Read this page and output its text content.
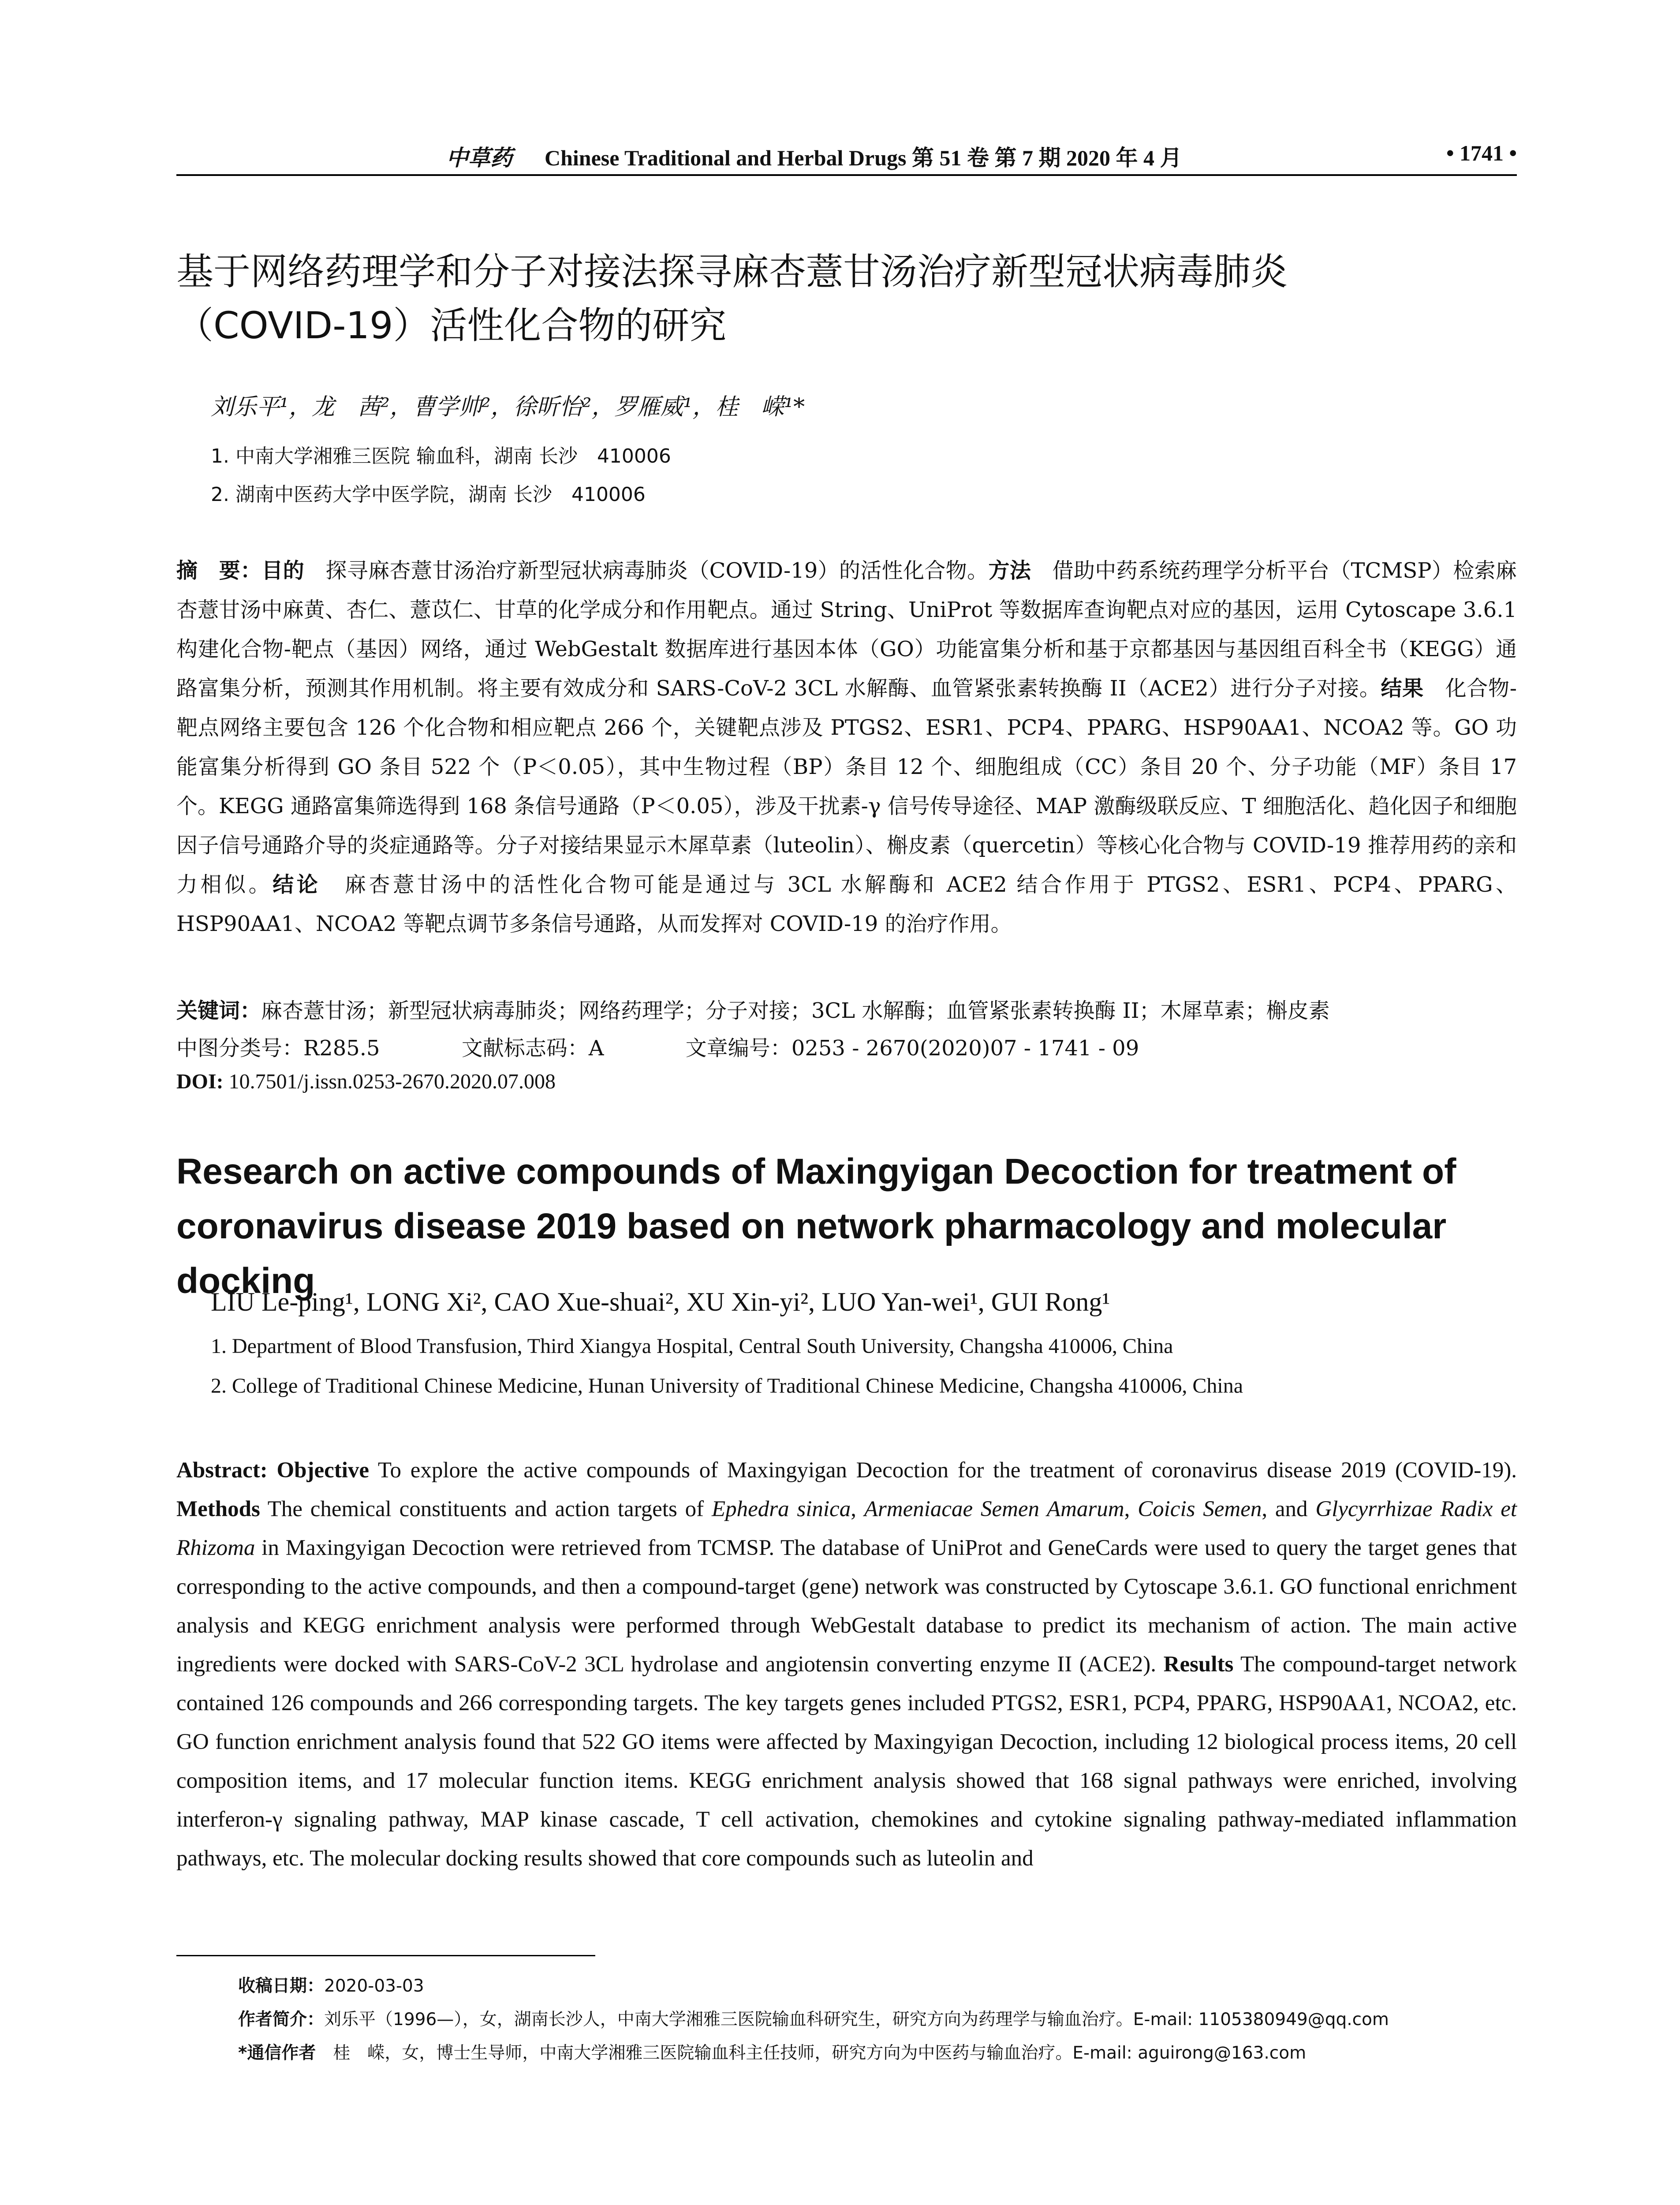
中草药 Chinese Traditional and Herbal Drugs 第 51 卷 第 7 期 2020 年 4 月	• 1741 •
基于网络药理学和分子对接法探寻麻杏薏甘汤治疗新型冠状病毒肺炎
（COVID-19）活性化合物的研究
刘乐平¹，龙　茜²，曹学帅²，徐昕怡²，罗雁威¹，桂　嵘¹*
1. 中南大学湘雅三医院 输血科，湖南 长沙　410006
2. 湖南中医药大学中医学院，湖南 长沙　410006
摘　要：目的　探寻麻杏薏甘汤治疗新型冠状病毒肺炎（COVID-19）的活性化合物。方法　借助中药系统药理学分析平台（TCMSP）检索麻杏薏甘汤中麻黄、杏仁、薏苡仁、甘草的化学成分和作用靶点。通过 String、UniProt 等数据库查询靶点对应的基因，运用 Cytoscape 3.6.1 构建化合物-靶点（基因）网络，通过 WebGestalt 数据库进行基因本体（GO）功能富集分析和基于京都基因与基因组百科全书（KEGG）通路富集分析，预测其作用机制。将主要有效成分和 SARS-CoV-2 3CL 水解酶、血管紧张素转换酶 II（ACE2）进行分子对接。结果　化合物-靶点网络主要包含 126 个化合物和相应靶点 266 个，关键靶点涉及 PTGS2、ESR1、PCP4、PPARG、HSP90AA1、NCOA2 等。GO 功能富集分析得到 GO 条目 522 个（P＜0.05），其中生物过程（BP）条目 12 个、细胞组成（CC）条目 20 个、分子功能（MF）条目 17 个。KEGG 通路富集筛选得到 168 条信号通路（P＜0.05），涉及干扰素-γ 信号传导途径、MAP 激酶级联反应、T 细胞活化、趋化因子和细胞因子信号通路介导的炎症通路等。分子对接结果显示木犀草素（luteolin）、槲皮素（quercetin）等核心化合物与 COVID-19 推荐用药的亲和力相似。结论　麻杏薏甘汤中的活性化合物可能是通过与 3CL 水解酶和 ACE2 结合作用于 PTGS2、ESR1、PCP4、PPARG、HSP90AA1、NCOA2 等靶点调节多条信号通路，从而发挥对 COVID-19 的治疗作用。
关键词：麻杏薏甘汤；新型冠状病毒肺炎；网络药理学；分子对接；3CL 水解酶；血管紧张素转换酶 II；木犀草素；槲皮素
中图分类号：R285.5	文献标志码：A	文章编号：0253 - 2670(2020)07 - 1741 - 09
DOI: 10.7501/j.issn.0253-2670.2020.07.008
Research on active compounds of Maxingyigan Decoction for treatment of
coronavirus disease 2019 based on network pharmacology and molecular docking
LIU Le-ping¹, LONG Xi², CAO Xue-shuai², XU Xin-yi², LUO Yan-wei¹, GUI Rong¹
1. Department of Blood Transfusion, Third Xiangya Hospital, Central South University, Changsha 410006, China
2. College of Traditional Chinese Medicine, Hunan University of Traditional Chinese Medicine, Changsha 410006, China
Abstract: Objective To explore the active compounds of Maxingyigan Decoction for the treatment of coronavirus disease 2019 (COVID-19). Methods The chemical constituents and action targets of Ephedra sinica, Armeniacae Semen Amarum, Coicis Semen, and Glycyrrhizae Radix et Rhizoma in Maxingyigan Decoction were retrieved from TCMSP. The database of UniProt and GeneCards were used to query the target genes that corresponding to the active compounds, and then a compound-target (gene) network was constructed by Cytoscape 3.6.1. GO functional enrichment analysis and KEGG enrichment analysis were performed through WebGestalt database to predict its mechanism of action. The main active ingredients were docked with SARS-CoV-2 3CL hydrolase and angiotensin converting enzyme II (ACE2). Results The compound-target network contained 126 compounds and 266 corresponding targets. The key targets genes included PTGS2, ESR1, PCP4, PPARG, HSP90AA1, NCOA2, etc. GO function enrichment analysis found that 522 GO items were affected by Maxingyigan Decoction, including 12 biological process items, 20 cell composition items, and 17 molecular function items. KEGG enrichment analysis showed that 168 signal pathways were enriched, involving interferon-γ signaling pathway, MAP kinase cascade, T cell activation, chemokines and cytokine signaling pathway-mediated inflammation pathways, etc. The molecular docking results showed that core compounds such as luteolin and
收稿日期：2020-03-03
作者简介：刘乐平（1996—），女，湖南长沙人，中南大学湘雅三医院输血科研究生，研究方向为药理学与输血治疗。E-mail: 1105380949@qq.com
*通信作者　桂　嵘，女，博士生导师，中南大学湘雅三医院输血科主任技师，研究方向为中医药与输血治疗。E-mail: aguirong@163.com
